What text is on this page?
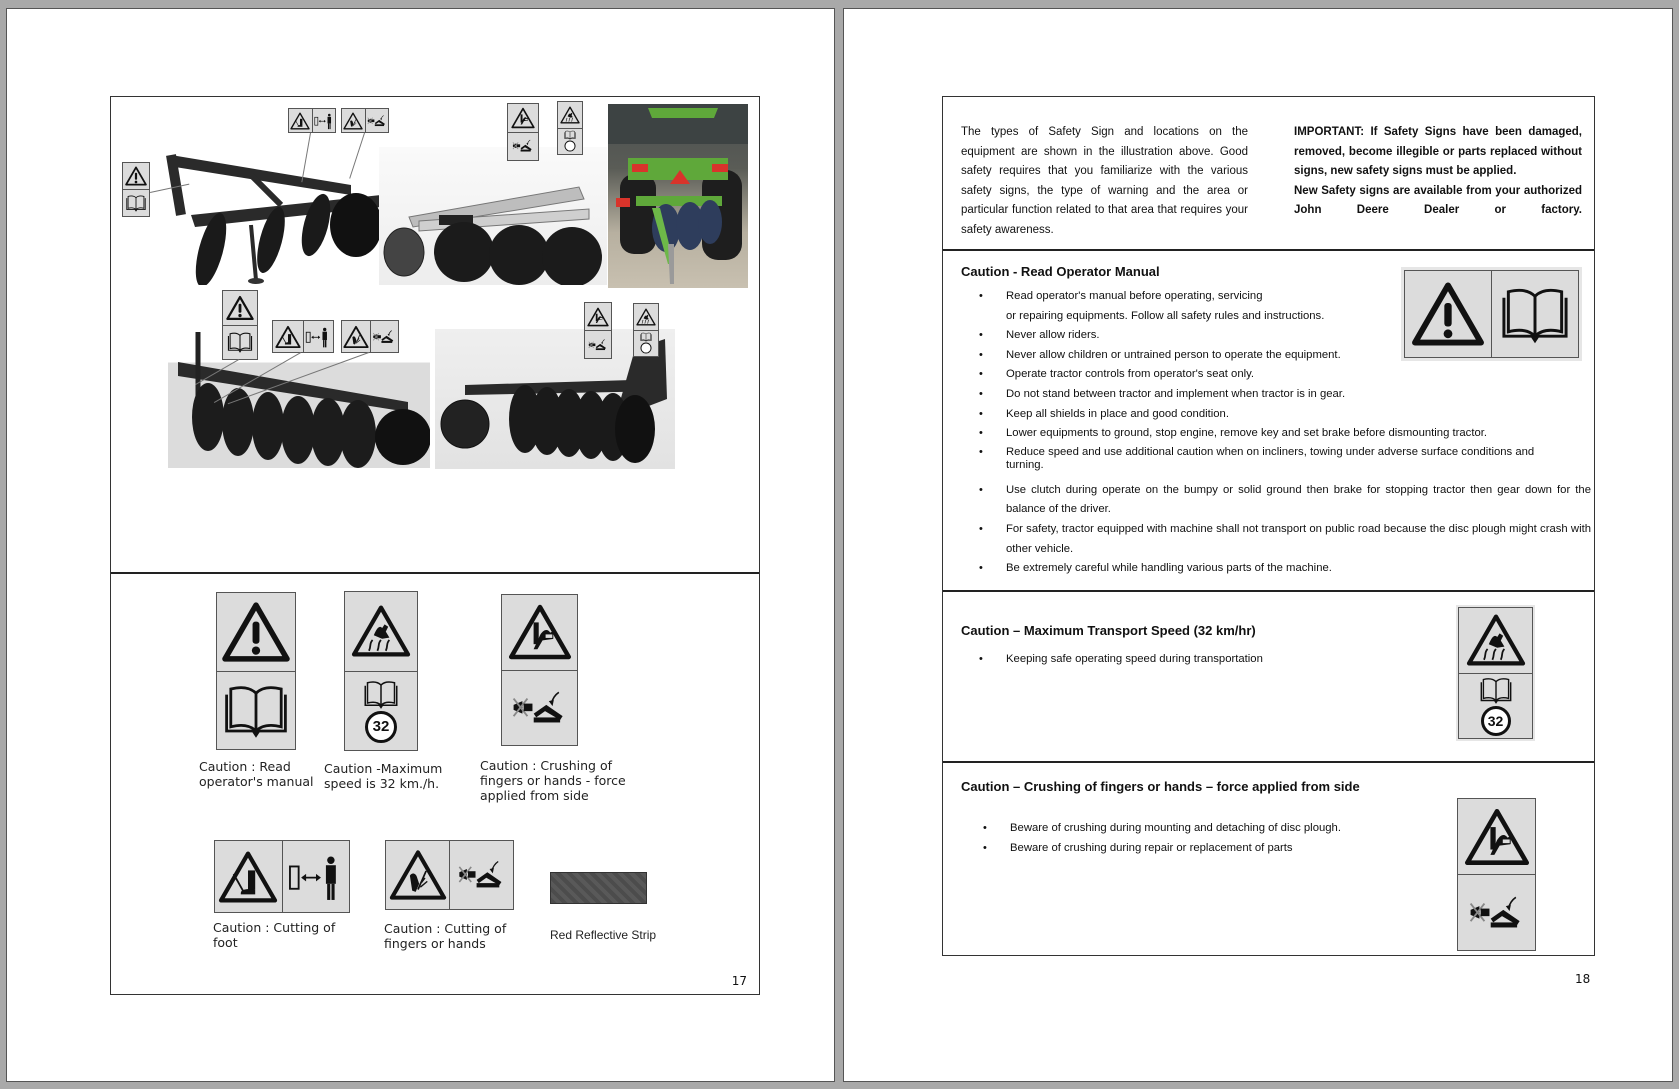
Caution : Read operator's manual
32
Caution -Maximum speed is 32 km./h.
Caution : Crushing of fingers or hands - force applied from side
Caution : Cutting of foot
Caution : Cutting of fingers or hands
Red Reflective Strip
17
The types of Safety Sign and locations on the equipment are shown in the illustration above. Good safety requires that you familiarize with the various safety signs, the type of warning and the area or particular function related to that area that requires your safety awareness.
IMPORTANT: If Safety Signs have been damaged, removed, become illegible or parts replaced without signs, new safety signs must be applied.
New Safety signs are available from your authorized John Deere Dealer or factory.
Caution - Read Operator Manual
• Read operator's manual before operating, servicing
or repairing equipments. Follow all safety rules and instructions.
• Never allow riders.
• Never allow children or untrained person to operate the equipment.
• Operate tractor controls from operator's seat only.
• Do not stand between tractor and implement when tractor is in gear.
• Keep all shields in place and good condition.
• Lower equipments to ground, stop engine, remove key and set brake before dismounting tractor.
• Reduce speed and use additional caution when on incliners, towing under adverse surface conditions and turning.
• Use clutch during operate on the bumpy or solid ground then brake for stopping tractor then gear down for the balance of the driver.
• For safety, tractor equipped with machine shall not transport on public road because the disc plough might crash with other vehicle.
• Be extremely careful while handling various parts of the machine.
Caution – Maximum Transport Speed (32 km/hr)
• Keeping safe operating speed during transportation
32
Caution – Crushing of fingers or hands – force applied from side
• Beware of crushing during mounting and detaching of disc plough.
• Beware of crushing during repair or replacement of parts
18
